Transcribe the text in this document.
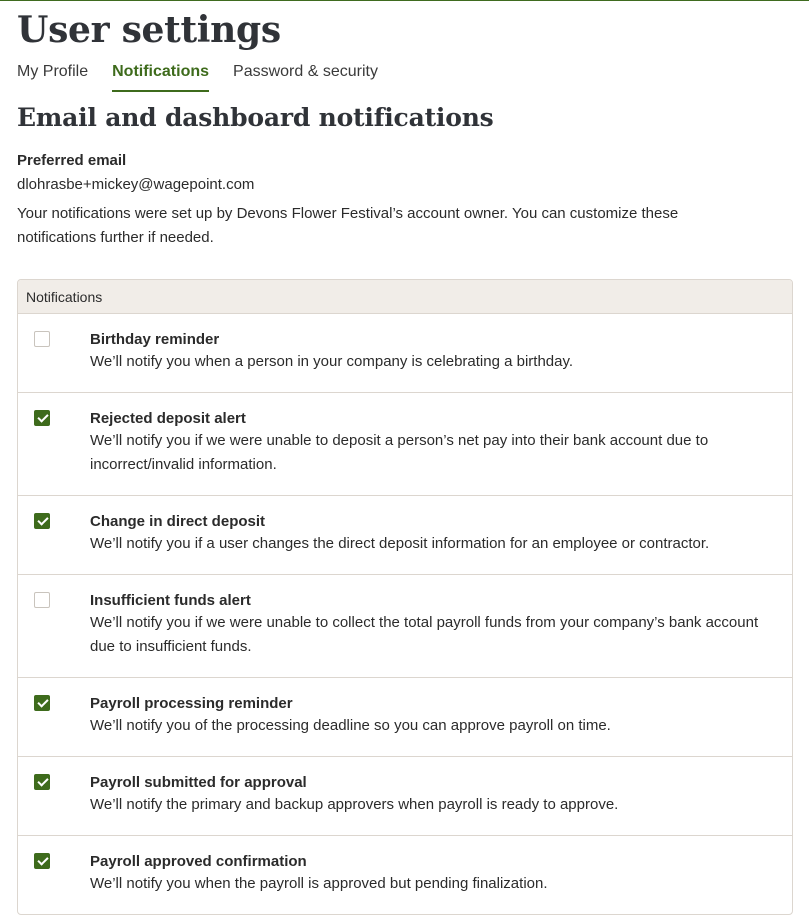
User settings
My Profile Notifications Password & security
Email and dashboard notifications
Preferred email
dlohrasbe+mickey@wagepoint.com
Your notifications were set up by Devons Flower Festival’s account owner. You can customize these notifications further if needed.
Notifications
Birthday reminder
We’ll notify you when a person in your company is celebrating a birthday.
Rejected deposit alert
We’ll notify you if we were unable to deposit a person’s net pay into their bank account due to incorrect/invalid information.
Change in direct deposit
We’ll notify you if a user changes the direct deposit information for an employee or contractor.
Insufficient funds alert
We’ll notify you if we were unable to collect the total payroll funds from your company’s bank account due to insufficient funds.
Payroll processing reminder
We’ll notify you of the processing deadline so you can approve payroll on time.
Payroll submitted for approval
We’ll notify the primary and backup approvers when payroll is ready to approve.
Payroll approved confirmation
We’ll notify you when the payroll is approved but pending finalization.
